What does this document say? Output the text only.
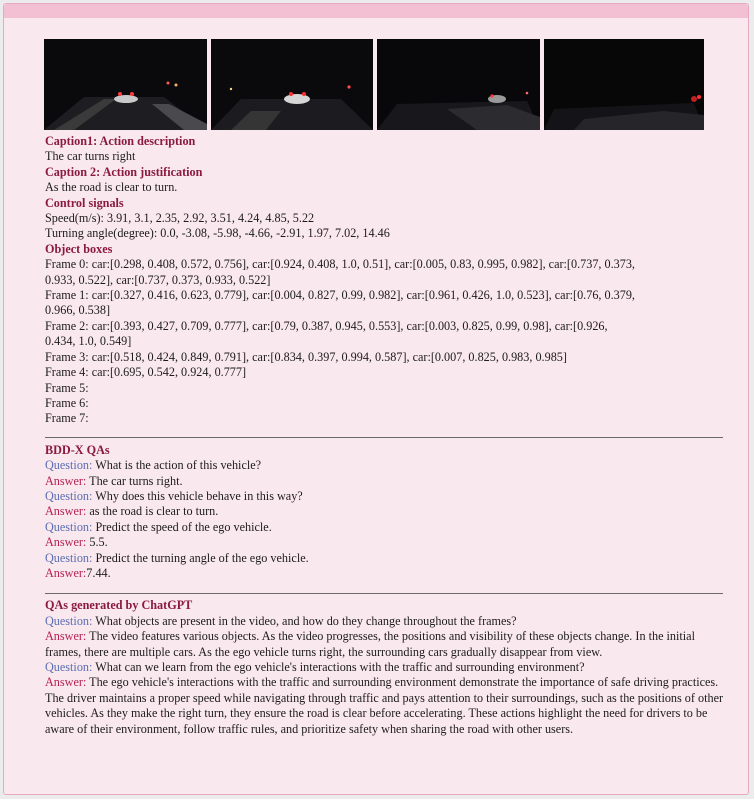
Caption1: Action description
The car turns right
Caption 2: Action justification
As the road is clear to turn.
Control signals
Speed(m/s): 3.91, 3.1, 2.35, 2.92, 3.51, 4.24, 4.85, 5.22
Turning angle(degree): 0.0, -3.08, -5.98, -4.66, -2.91, 1.97, 7.02, 14.46
Object boxes
Frame 0: car:[0.298, 0.408, 0.572, 0.756], car:[0.924, 0.408, 1.0, 0.51], car:[0.005, 0.83, 0.995, 0.982], car:[0.737, 0.373,
0.933, 0.522], car:[0.737, 0.373, 0.933, 0.522]
Frame 1: car:[0.327, 0.416, 0.623, 0.779], car:[0.004, 0.827, 0.99, 0.982], car:[0.961, 0.426, 1.0, 0.523], car:[0.76, 0.379,
0.966, 0.538]
Frame 2: car:[0.393, 0.427, 0.709, 0.777], car:[0.79, 0.387, 0.945, 0.553], car:[0.003, 0.825, 0.99, 0.98], car:[0.926,
0.434, 1.0, 0.549]
Frame 3: car:[0.518, 0.424, 0.849, 0.791], car:[0.834, 0.397, 0.994, 0.587], car:[0.007, 0.825, 0.983, 0.985]
Frame 4: car:[0.695, 0.542, 0.924, 0.777]
Frame 5:
Frame 6:
Frame 7:
BDD-X QAs
Question: What is the action of this vehicle?
Answer: The car turns right.
Question: Why does this vehicle behave in this way?
Answer: as the road is clear to turn.
Question: Predict the speed of the ego vehicle.
Answer: 5.5.
Question: Predict the turning angle of the ego vehicle.
Answer:7.44.
QAs generated by ChatGPT
Question: What objects are present in the video, and how do they change throughout the frames?
Answer: The video features various objects. As the video progresses, the positions and visibility of these objects change. In the initial frames, there are multiple cars. As the ego vehicle turns right, the surrounding cars gradually disappear from view.
Question: What can we learn from the ego vehicle's interactions with the traffic and surrounding environment?
Answer: The ego vehicle's interactions with the traffic and surrounding environment demonstrate the importance of safe driving practices. The driver maintains a proper speed while navigating through traffic and pays attention to their surroundings, such as the positions of other vehicles. As they make the right turn, they ensure the road is clear before accelerating. These actions highlight the need for drivers to be aware of their environment, follow traffic rules, and prioritize safety when sharing the road with other users.
